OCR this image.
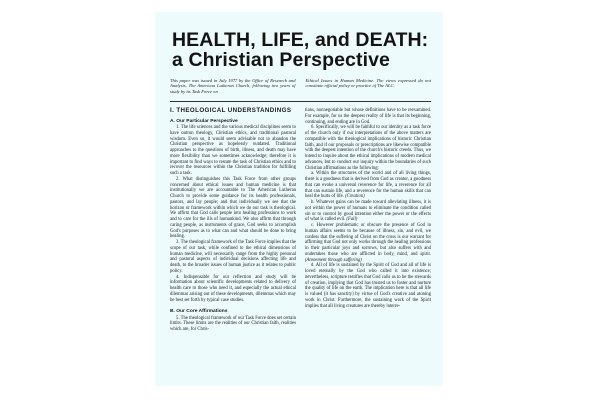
HEALTH, LIFE, and DEATH:
a Christian Perspective

This paper was issued in July 1977 by the Office of Research and Analysis, The American Lutheran Church, following two years of study by its Task Force on

Ethical Issues in Human Medicine. The views expressed do not constitute official policy or practice of The ALC.

I. THEOLOGICAL UNDERSTANDINGS
A. Our Particular Perspective

1. The life sciences and the various medical disciplines seem to have outrun theology, Christian ethics, and traditional pastoral wisdom. Even so, it would seem advisable not to abandon the Christian perspective as hopelessly outdated. Traditional approaches to the questions of birth, illness, and death may have more flexibility than we sometimes acknowledge; therefore it is important to find ways to restate the task of Christian ethics and to recover the resources within the Christian tradition for fulfilling such a task.

2. What distinguishes this Task Force from other groups concerned about ethical issues and human medicine is that institutionally we are accountable to The American Lutheran Church to provide some guidance for its health professionals, pastors, and lay people; and that individually we see that the horizon or framework within which we do our task is theological. We affirm that God calls people into healing professions to work and to care for the ills of humankind. We also affirm that through caring people, as instruments of grace, God seeks to accomplish God's purposes as to what can and what should be done to bring healing.

3. The theological framework of the Task Force implies that the scope of our task, while confined to the ethical dimensions of human medicine, will necessarily range from the highly personal and pastoral aspects of individual decisions affecting life and death, to the broader issues of human justice as it relates to public policy.

4. Indispensable for our reflection and study will be information about scientific developments related to delivery of health care to those who need it, and especially the actual ethical dilemmas arising out of these developments, dilemmas which may be best set forth by typical case studies.

B. Our Core Affirmations

5. The theological framework of our Task Force does set certain limits. These limits are the realities of our Christian faith, realities which are, for Chris-

tians, nonnegotiable but whose definitions have to be reexamined. For example, for us the deepest reality of life is that its beginning, continuing, and ending are in God.

6. Specifically, we will be faithful to our identity as a task force of the church only if our interpretations of the above matters are compatible with the theological implications of historic Christian faith, and if our proposals or prescriptions are likewise compatible with the deepest intention of the church's historic creeds. Thus, we intend to inquire about the ethical implications of modern medical advances, but to conduct our inquiry within the boundaries of such Christian affirmations as the following:

a. Within the structures of the world and of all living things, there is a goodness that is derived from God as creator, a goodness that can evoke a universal reverence for life, a reverence for all that can sustain life, and a reverence for the human skills that can heal the hurts of life. (Creation)

b. Whatever gains can be made toward alleviating illness, it is not within the power of humans to eliminate the condition called sin or to control by good intention either the power or the effects of what is called evil. (Fall)

c. However problematic or obscure the presence of God in human affairs seems to be because of illness, sin, and evil, we confess that the suffering of Christ on the cross is our warrant for affirming that God not only works through the healing professions in their particular joys and sorrows, but also suffers with and undertakes those who are afflicted in body, mind, and spirit. (Atonement through suffering)

d. All of life is sustained by the Spirit of God and all of life is loved eternally by the God who called it into existence; nevertheless, scripture testifies that God calls us to be the stewards of creation, implying that God has trusted us to foster and nurture the quality of life on the earth. The implication here is that all life is valued (it has sanctity) by virtue of God's creative and atoning work in Christ. Furthermore, the sustaining work of the Spirit implies that all living creatures are thereby interre-
